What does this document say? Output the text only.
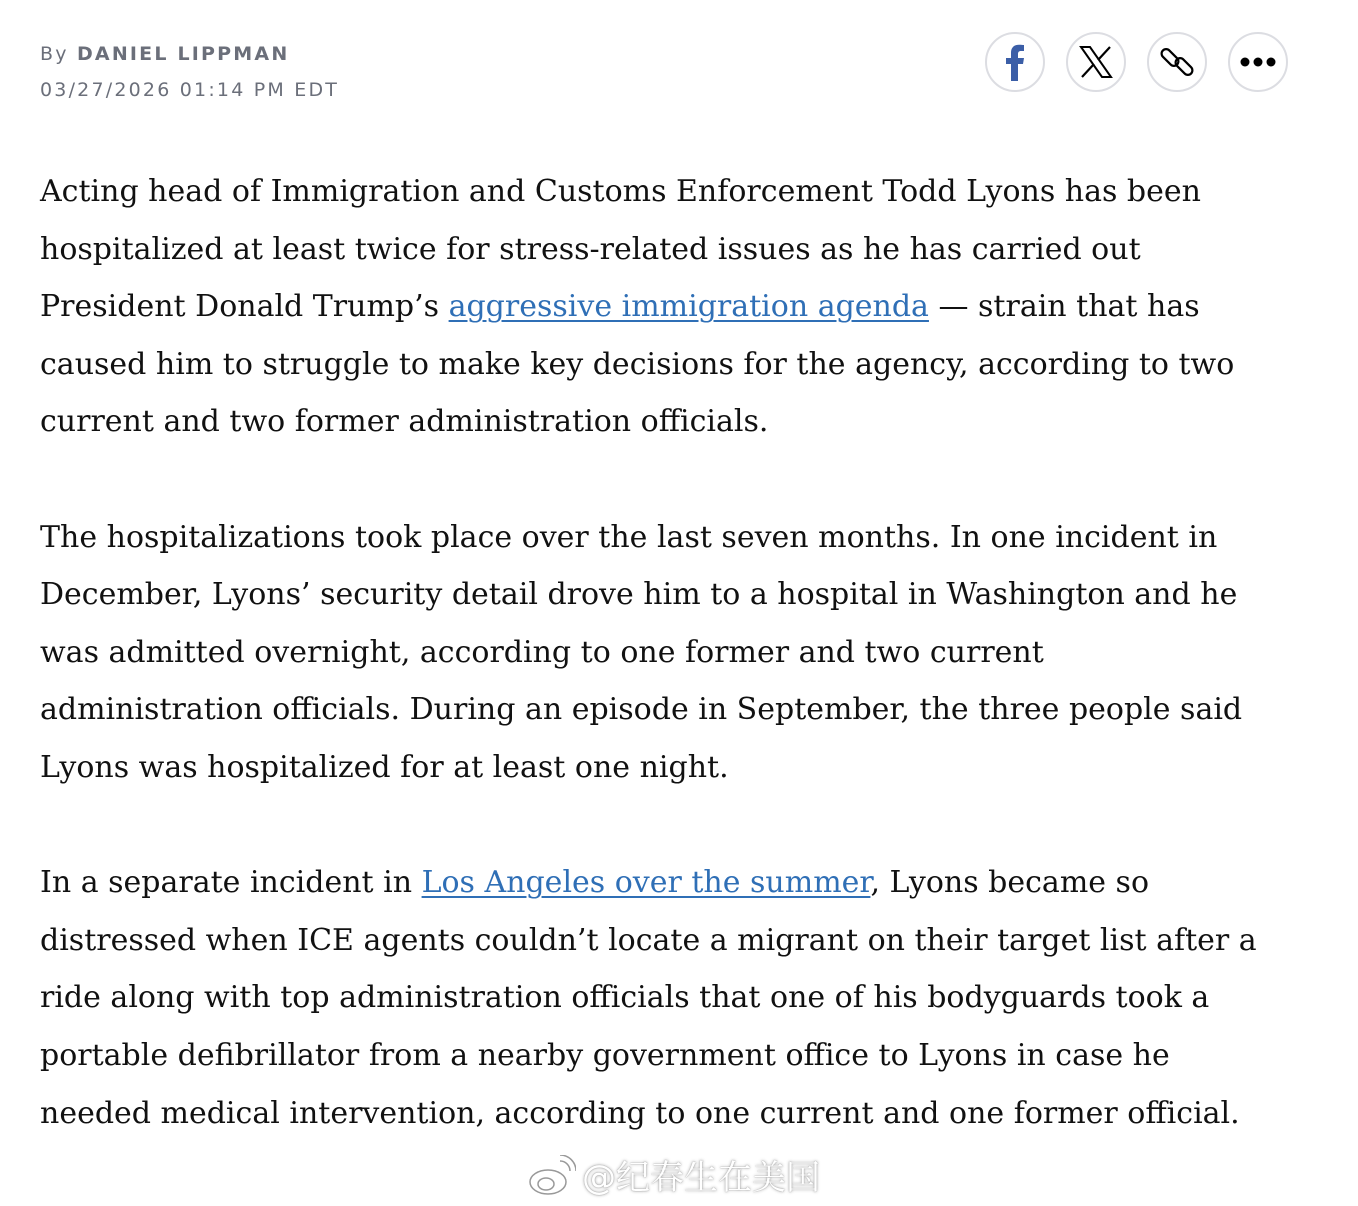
By DANIEL LIPPMAN
03/27/2026 01:14 PM EDT

Acting head of Immigration and Customs Enforcement Todd Lyons has been
hospitalized at least twice for stress-related issues as he has carried out
President Donald Trump’s aggressive immigration agenda — strain that has
caused him to struggle to make key decisions for the agency, according to two
current and two former administration officials.

The hospitalizations took place over the last seven months. In one incident in
December, Lyons’ security detail drove him to a hospital in Washington and he
was admitted overnight, according to one former and two current
administration officials. During an episode in September, the three people said
Lyons was hospitalized for at least one night.

In a separate incident in Los Angeles over the summer, Lyons became so
distressed when ICE agents couldn’t locate a migrant on their target list after a
ride along with top administration officials that one of his bodyguards took a
portable defibrillator from a nearby government office to Lyons in case he
needed medical intervention, according to one current and one former official.

@纪春生在美国
